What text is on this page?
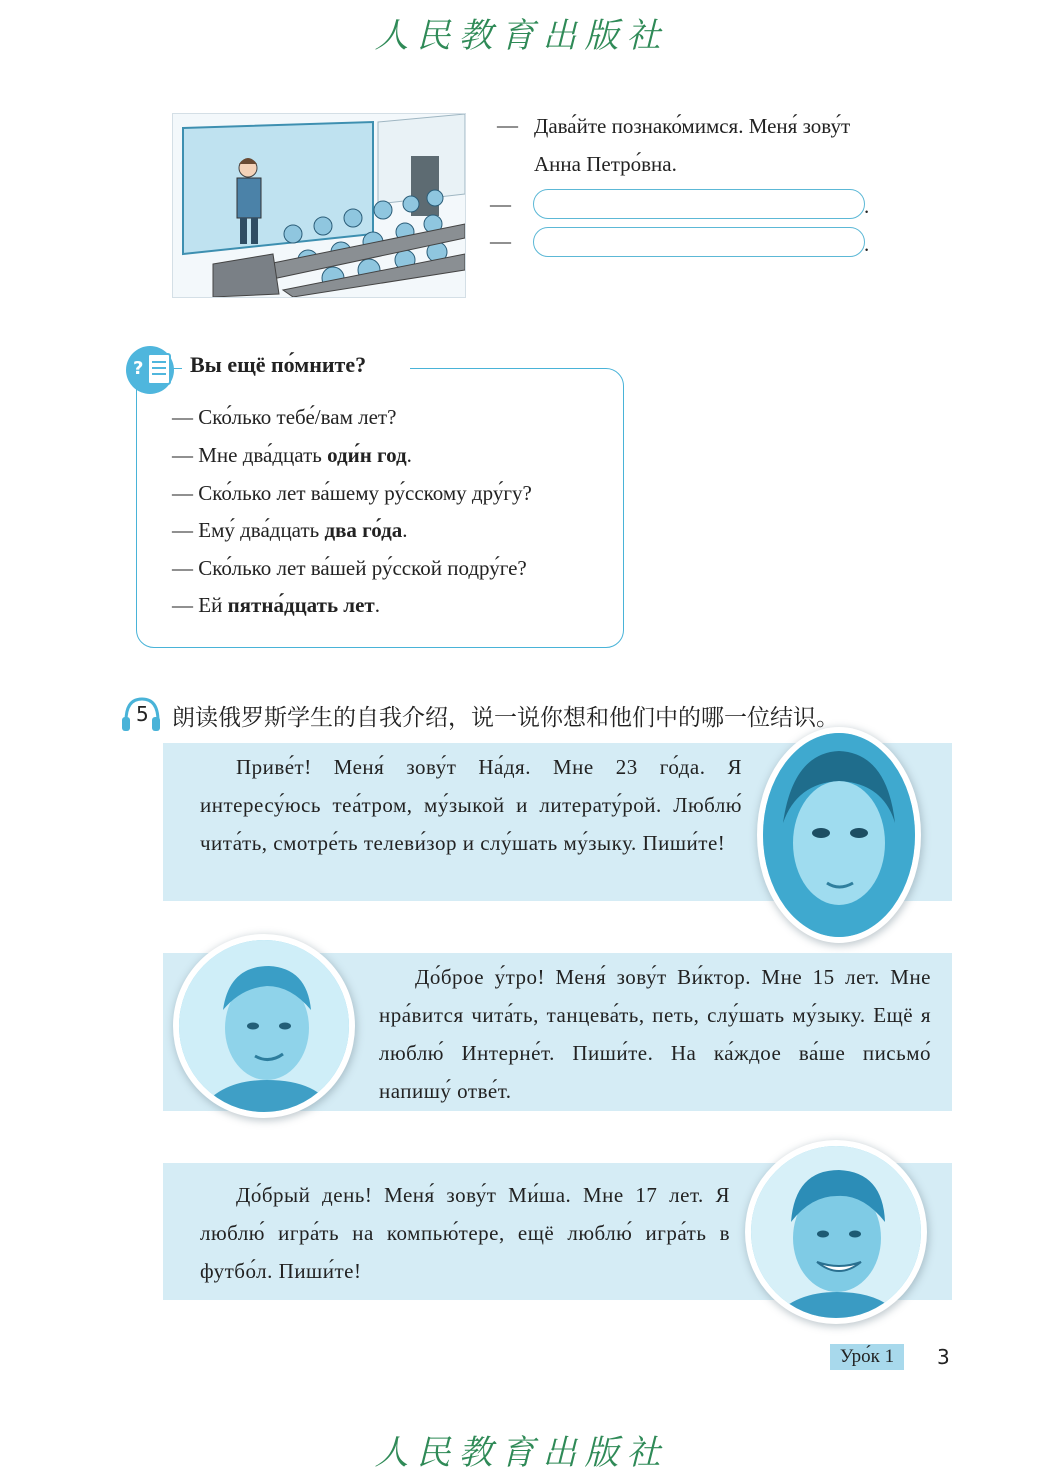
人民教育出版社
— Дава́йте познако́мимся. Меня́ зову́т
Анна Петро́вна.
—	.
—	.
? Вы ещё по́мните?
— Ско́лько тебе́/вам лет?
— Мне два́дцать оди́н год.
— Ско́лько лет ва́шему ру́сскому дру́гу?
— Ему́ два́дцать два го́да.
— Ско́лько лет ва́шей ру́сской подру́ге?
— Ей пятна́дцать лет.
5 朗读俄罗斯学生的自我介绍，说一说你想和他们中的哪一位结识。
Приве́т! Меня́ зову́т На́дя. Мне 23 го́да. Я интересу́юсь теа́тром, му́зыкой и литерату́рой. Люблю́ чита́ть, смотре́ть телеви́зор и слу́шать му́зыку. Пиши́те!
До́брое у́тро! Меня́ зову́т Ви́ктор. Мне 15 лет. Мне нра́вится чита́ть, танцева́ть, петь, слу́шать му́зыку. Ещё я люблю́ Интерне́т. Пиши́те. На ка́ждое ва́ше письмо́ напишу́ отве́т.
До́брый день! Меня́ зову́т Ми́ша. Мне 17 лет. Я люблю́ игра́ть на компью́тере, ещё люблю́ игра́ть в футбо́л. Пиши́те!
Уро́к 1	3
人民教育出版社
